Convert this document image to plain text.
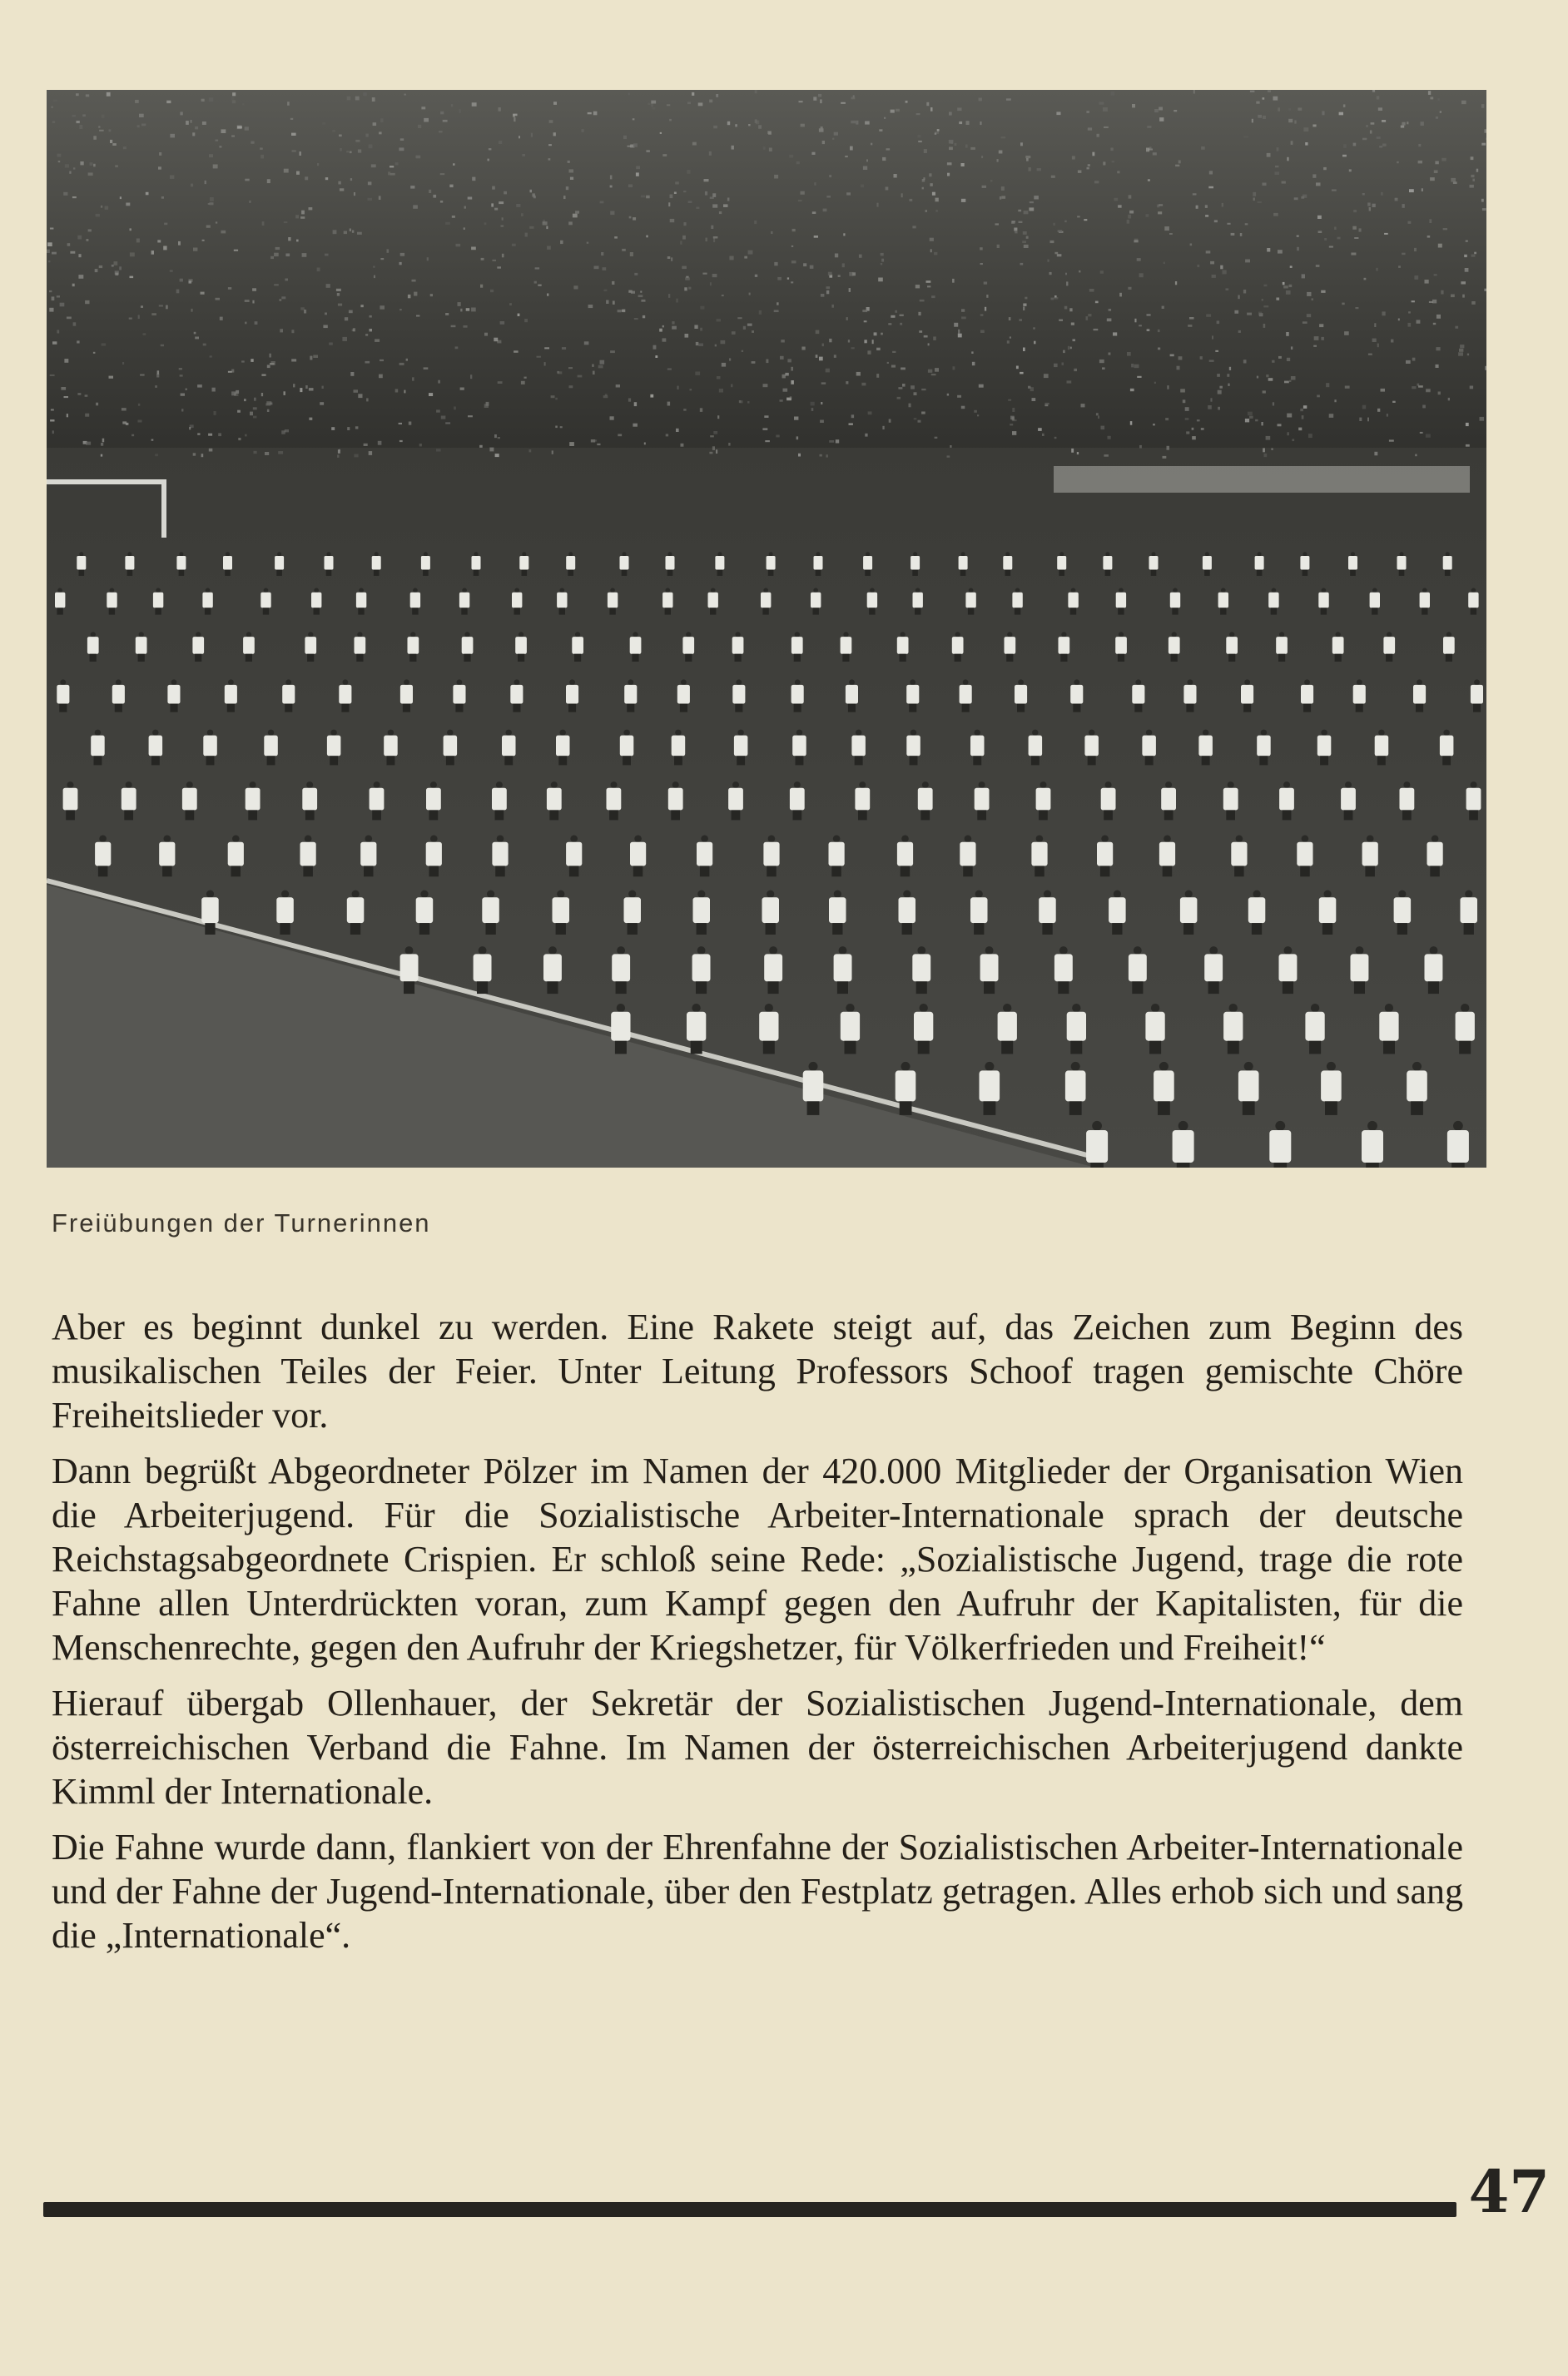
Freiübungen der Turnerinnen

Aber es beginnt dunkel zu werden. Eine Rakete steigt auf, das Zeichen zum Beginn des musikalischen Teiles der Feier. Unter Leitung Professors Schoof tragen gemischte Chöre Freiheitslieder vor.

Dann begrüßt Abgeordneter Pölzer im Namen der 420.000 Mitglieder der Organisation Wien die Arbeiterjugend. Für die Sozialistische Arbeiter-Internationale sprach der deutsche Reichstagsabgeordnete Crispien. Er schloß seine Rede: „Sozialistische Jugend, trage die rote Fahne allen Unterdrückten voran, zum Kampf gegen den Aufruhr der Kapitalisten, für die Menschenrechte, gegen den Aufruhr der Kriegshetzer, für Völkerfrieden und Freiheit!“

Hierauf übergab Ollenhauer, der Sekretär der Sozialistischen Jugend-Internationale, dem österreichischen Verband die Fahne. Im Namen der österreichischen Arbeiterjugend dankte Kimml der Internationale.

Die Fahne wurde dann, flankiert von der Ehrenfahne der Sozialistischen Arbeiter-Internationale und der Fahne der Jugend-Internationale, über den Festplatz getragen. Alles erhob sich und sang die „Internationale“.

47
